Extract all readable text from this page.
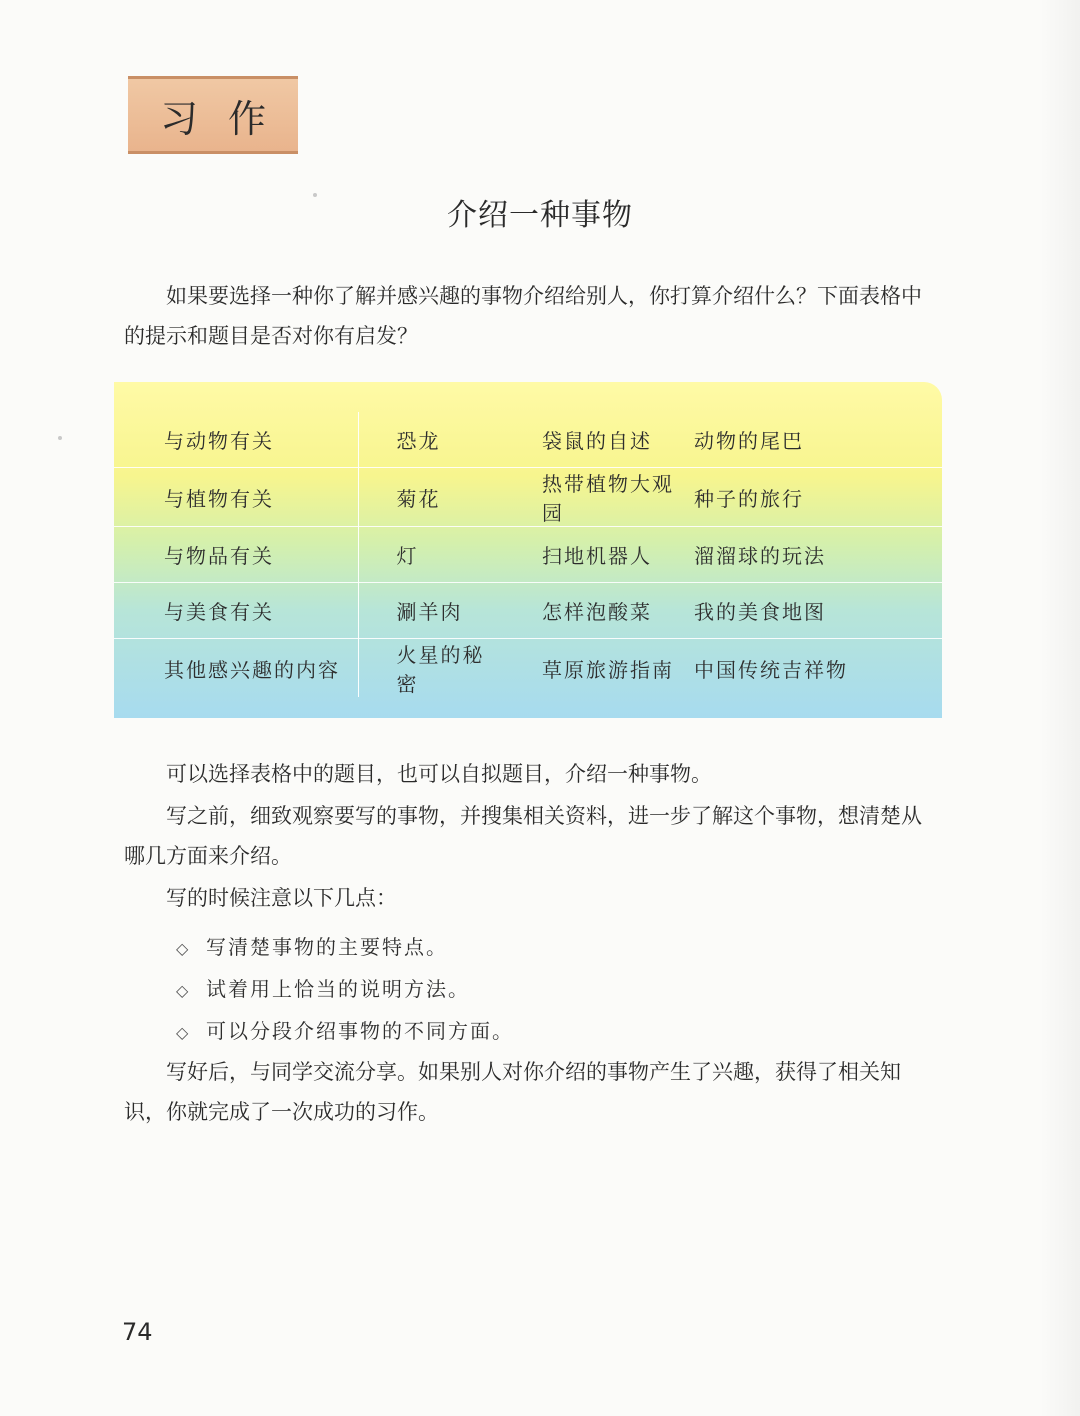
习作
介绍一种事物
如果要选择一种你了解并感兴趣的事物介绍给别人，你打算介绍什么？下面表格中的提示和题目是否对你有启发？
与动物有关	恐龙	袋鼠的自述	动物的尾巴
与植物有关	菊花	热带植物大观园	种子的旅行
与物品有关	灯	扫地机器人	溜溜球的玩法
与美食有关	涮羊肉	怎样泡酸菜	我的美食地图
其他感兴趣的内容	火星的秘密	草原旅游指南	中国传统吉祥物
可以选择表格中的题目，也可以自拟题目，介绍一种事物。
写之前，细致观察要写的事物，并搜集相关资料，进一步了解这个事物，想清楚从哪几方面来介绍。
写的时候注意以下几点：
◇ 写清楚事物的主要特点。
◇ 试着用上恰当的说明方法。
◇ 可以分段介绍事物的不同方面。
写好后，与同学交流分享。如果别人对你介绍的事物产生了兴趣，获得了相关知识，你就完成了一次成功的习作。
74
